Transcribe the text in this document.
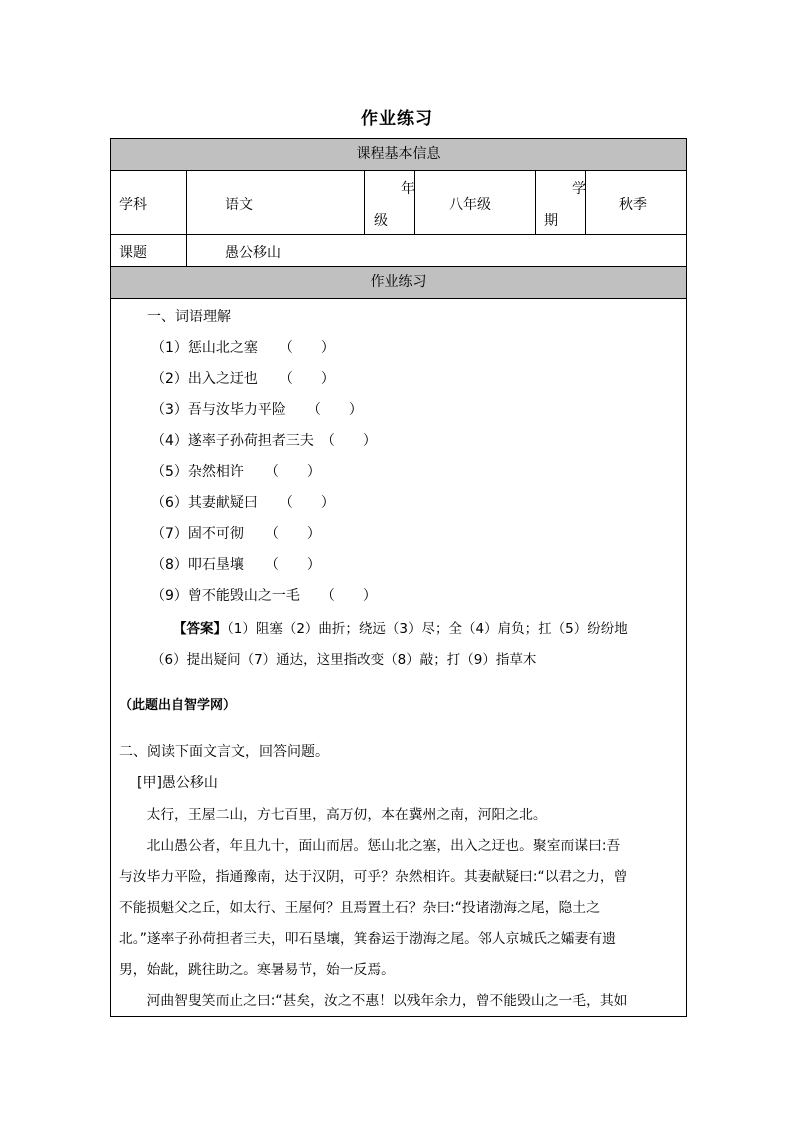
作业练习
课程基本信息
学科	语文
年
级
八年级
学
期
秋季
课题	愚公移山
作业练习
一、词语理解
（1）惩山北之塞　　（　　）
（2）出入之迂也　　（　　）
（3）吾与汝毕力平险　　（　　）
（4）遂率子孙荷担者三夫　（　　）
（5）杂然相许　　（　　）
（6）其妻献疑曰　　（　　）
（7）固不可彻　　（　　）
（8）叩石垦壤　　（　　）
（9）曾不能毁山之一毛　　（　　）
【答案】（1）阻塞（2）曲折；绕远（3）尽；全（4）肩负；扛（5）纷纷地
（6）提出疑问（7）通达，这里指改变（8）敲；打（9）指草木
（此题出自智学网）
二、阅读下面文言文，回答问题。
[甲]愚公移山
　　太行，王屋二山，方七百里，高万仞，本在冀州之南，河阳之北。
　　北山愚公者，年且九十，面山而居。惩山北之塞，出入之迂也。聚室而谋曰:吾
与汝毕力平险，指通豫南，达于汉阴，可乎？杂然相许。其妻献疑曰:“以君之力，曾
不能损魁父之丘，如太行、王屋何？且焉置土石？杂曰:“投诸渤海之尾，隐土之
北。”遂率子孙荷担者三夫，叩石垦壤，箕畚运于渤海之尾。邻人京城氏之孀妻有遗
男，始龀，跳往助之。寒暑易节，始一反焉。
　　河曲智叟笑而止之曰:“甚矣，汝之不惠！以残年余力，曾不能毁山之一毛，其如
